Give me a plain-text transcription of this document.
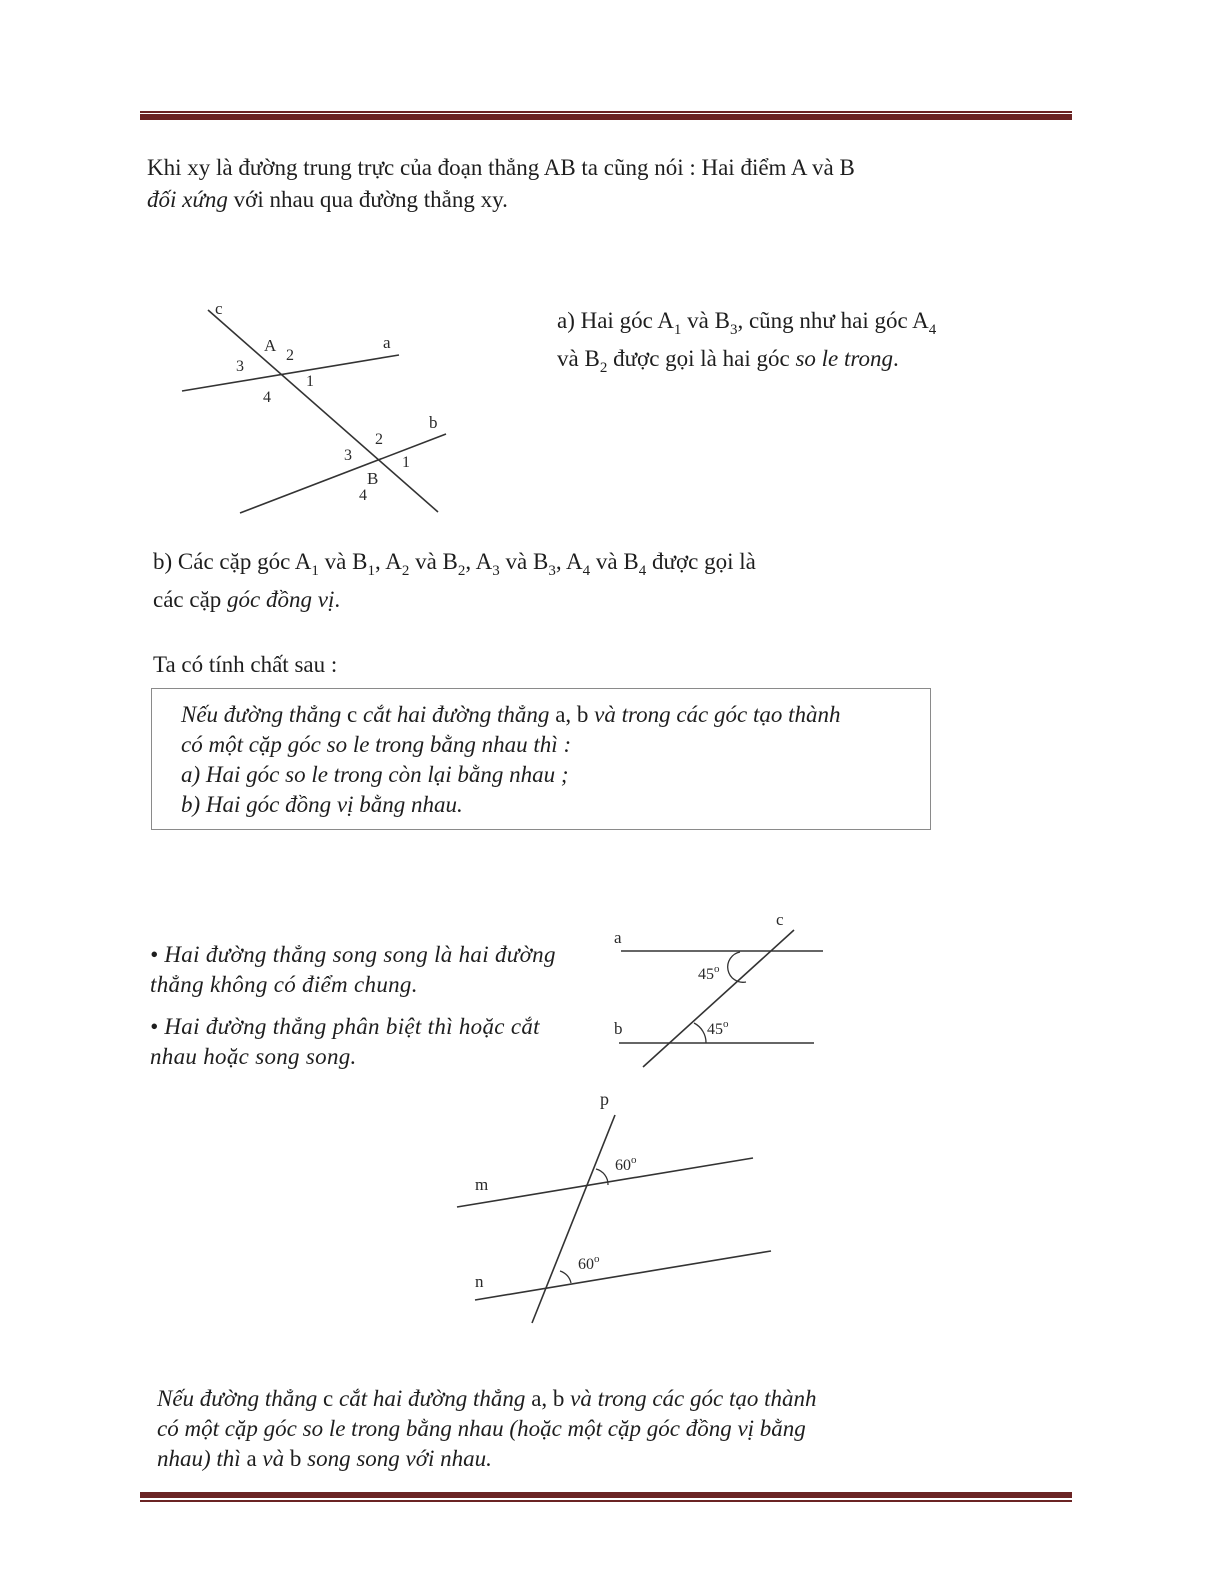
Khi xy là đường trung trực của đoạn thẳng AB ta cũng nói : Hai điểm A và B
đối xứng với nhau qua đường thẳng xy.
c
a
b
A
2
3
1
4
2
3	1
B
4
a) Hai góc $A_1$ và $B_3$, cũng như hai góc $A_4$
và $B_2$ được gọi là hai góc so le trong.
b) Các cặp góc $A_1$ và $B_1$, $A_2$ và $B_2$, $A_3$ và $B_3$, $A_4$ và $B_4$ được gọi là
các cặp góc đồng vị.
Ta có tính chất sau :
Nếu đường thẳng c cắt hai đường thẳng a, b và trong các góc tạo thành
có một cặp góc so le trong bằng nhau thì :
a) Hai góc so le trong còn lại bằng nhau ;
b) Hai góc đồng vị bằng nhau.
• Hai đường thẳng song song là hai đường
thẳng không có điểm chung.
• Hai đường thẳng phân biệt thì hoặc cắt
nhau hoặc song song.
c
a
b
45$^o$
45$^o$
p
m
n
60$^o$
60$^o$
Nếu đường thẳng c cắt hai đường thẳng a, b và trong các góc tạo thành
có một cặp góc so le trong bằng nhau (hoặc một cặp góc đồng vị bằng
nhau) thì a và b song song với nhau.
